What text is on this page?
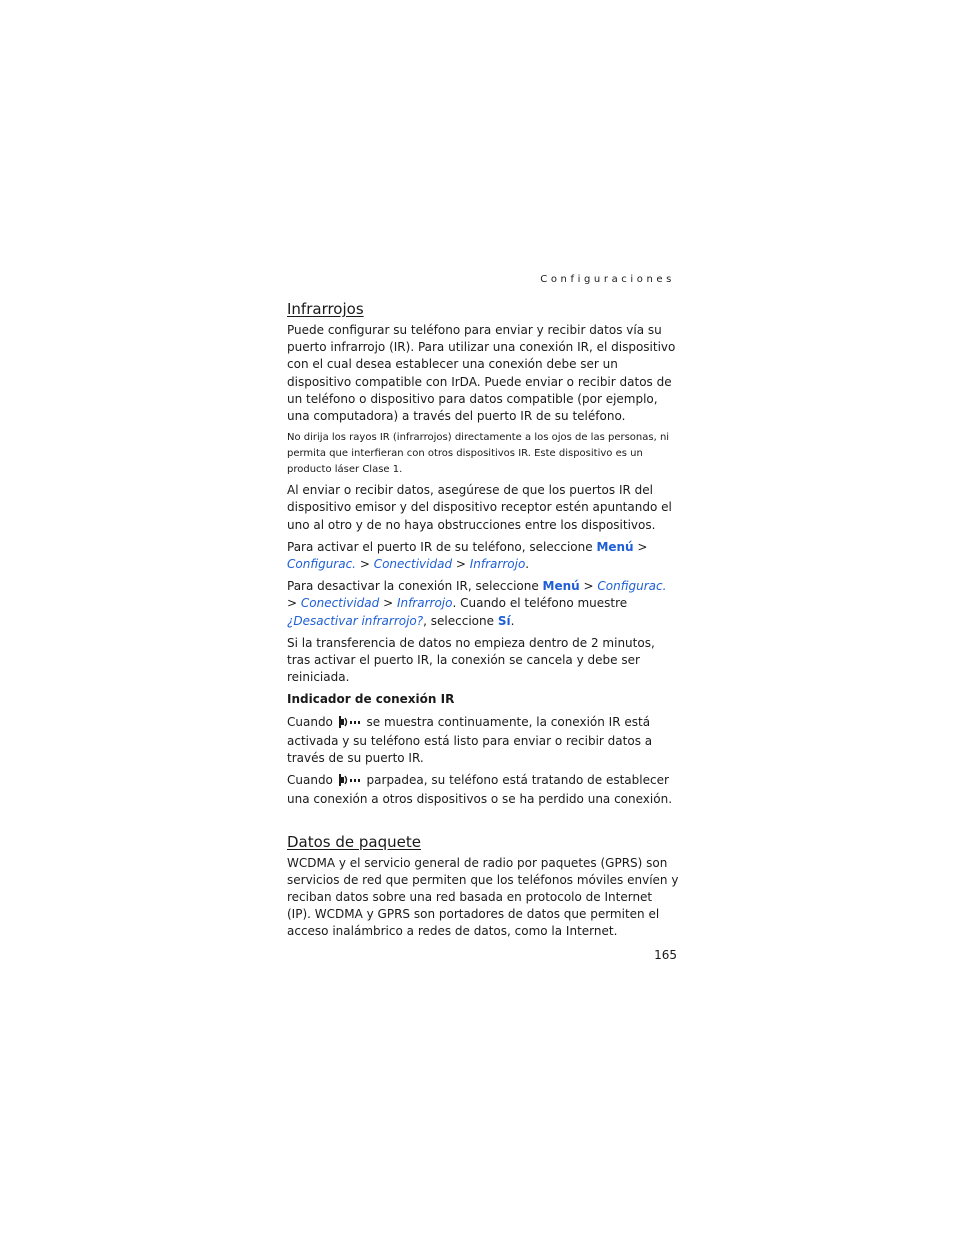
Configuraciones
Infrarrojos

Puede configurar su teléfono para enviar y recibir datos vía su puerto infrarrojo (IR). Para utilizar una conexión IR, el dispositivo con el cual desea establecer una conexión debe ser un dispositivo compatible con IrDA. Puede enviar o recibir datos de un teléfono o dispositivo para datos compatible (por ejemplo, una computadora) a través del puerto IR de su teléfono.

No dirija los rayos IR (infrarrojos) directamente a los ojos de las personas, ni permita que interfieran con otros dispositivos IR. Este dispositivo es un producto láser Clase 1.

Al enviar o recibir datos, asegúrese de que los puertos IR del dispositivo emisor y del dispositivo receptor estén apuntando el uno al otro y de no haya obstrucciones entre los dispositivos.

Para activar el puerto IR de su teléfono, seleccione Menú > Configurac. > Conectividad > Infrarrojo.

Para desactivar la conexión IR, seleccione Menú > Configurac. > Conectividad > Infrarrojo. Cuando el teléfono muestre ¿Desactivar infrarrojo?, seleccione Sí.

Si la transferencia de datos no empieza dentro de 2 minutos, tras activar el puerto IR, la conexión se cancela y debe ser reiniciada.

Indicador de conexión IR

Cuando  se muestra continuamente, la conexión IR está activada y su teléfono está listo para enviar o recibir datos a través de su puerto IR.

Cuando  parpadea, su teléfono está tratando de establecer una conexión a otros dispositivos o se ha perdido una conexión.

Datos de paquete

WCDMA y el servicio general de radio por paquetes (GPRS) son servicios de red que permiten que los teléfonos móviles envíen y reciban datos sobre una red basada en protocolo de Internet (IP). WCDMA y GPRS son portadores de datos que permiten el acceso inalámbrico a redes de datos, como la Internet.

165
